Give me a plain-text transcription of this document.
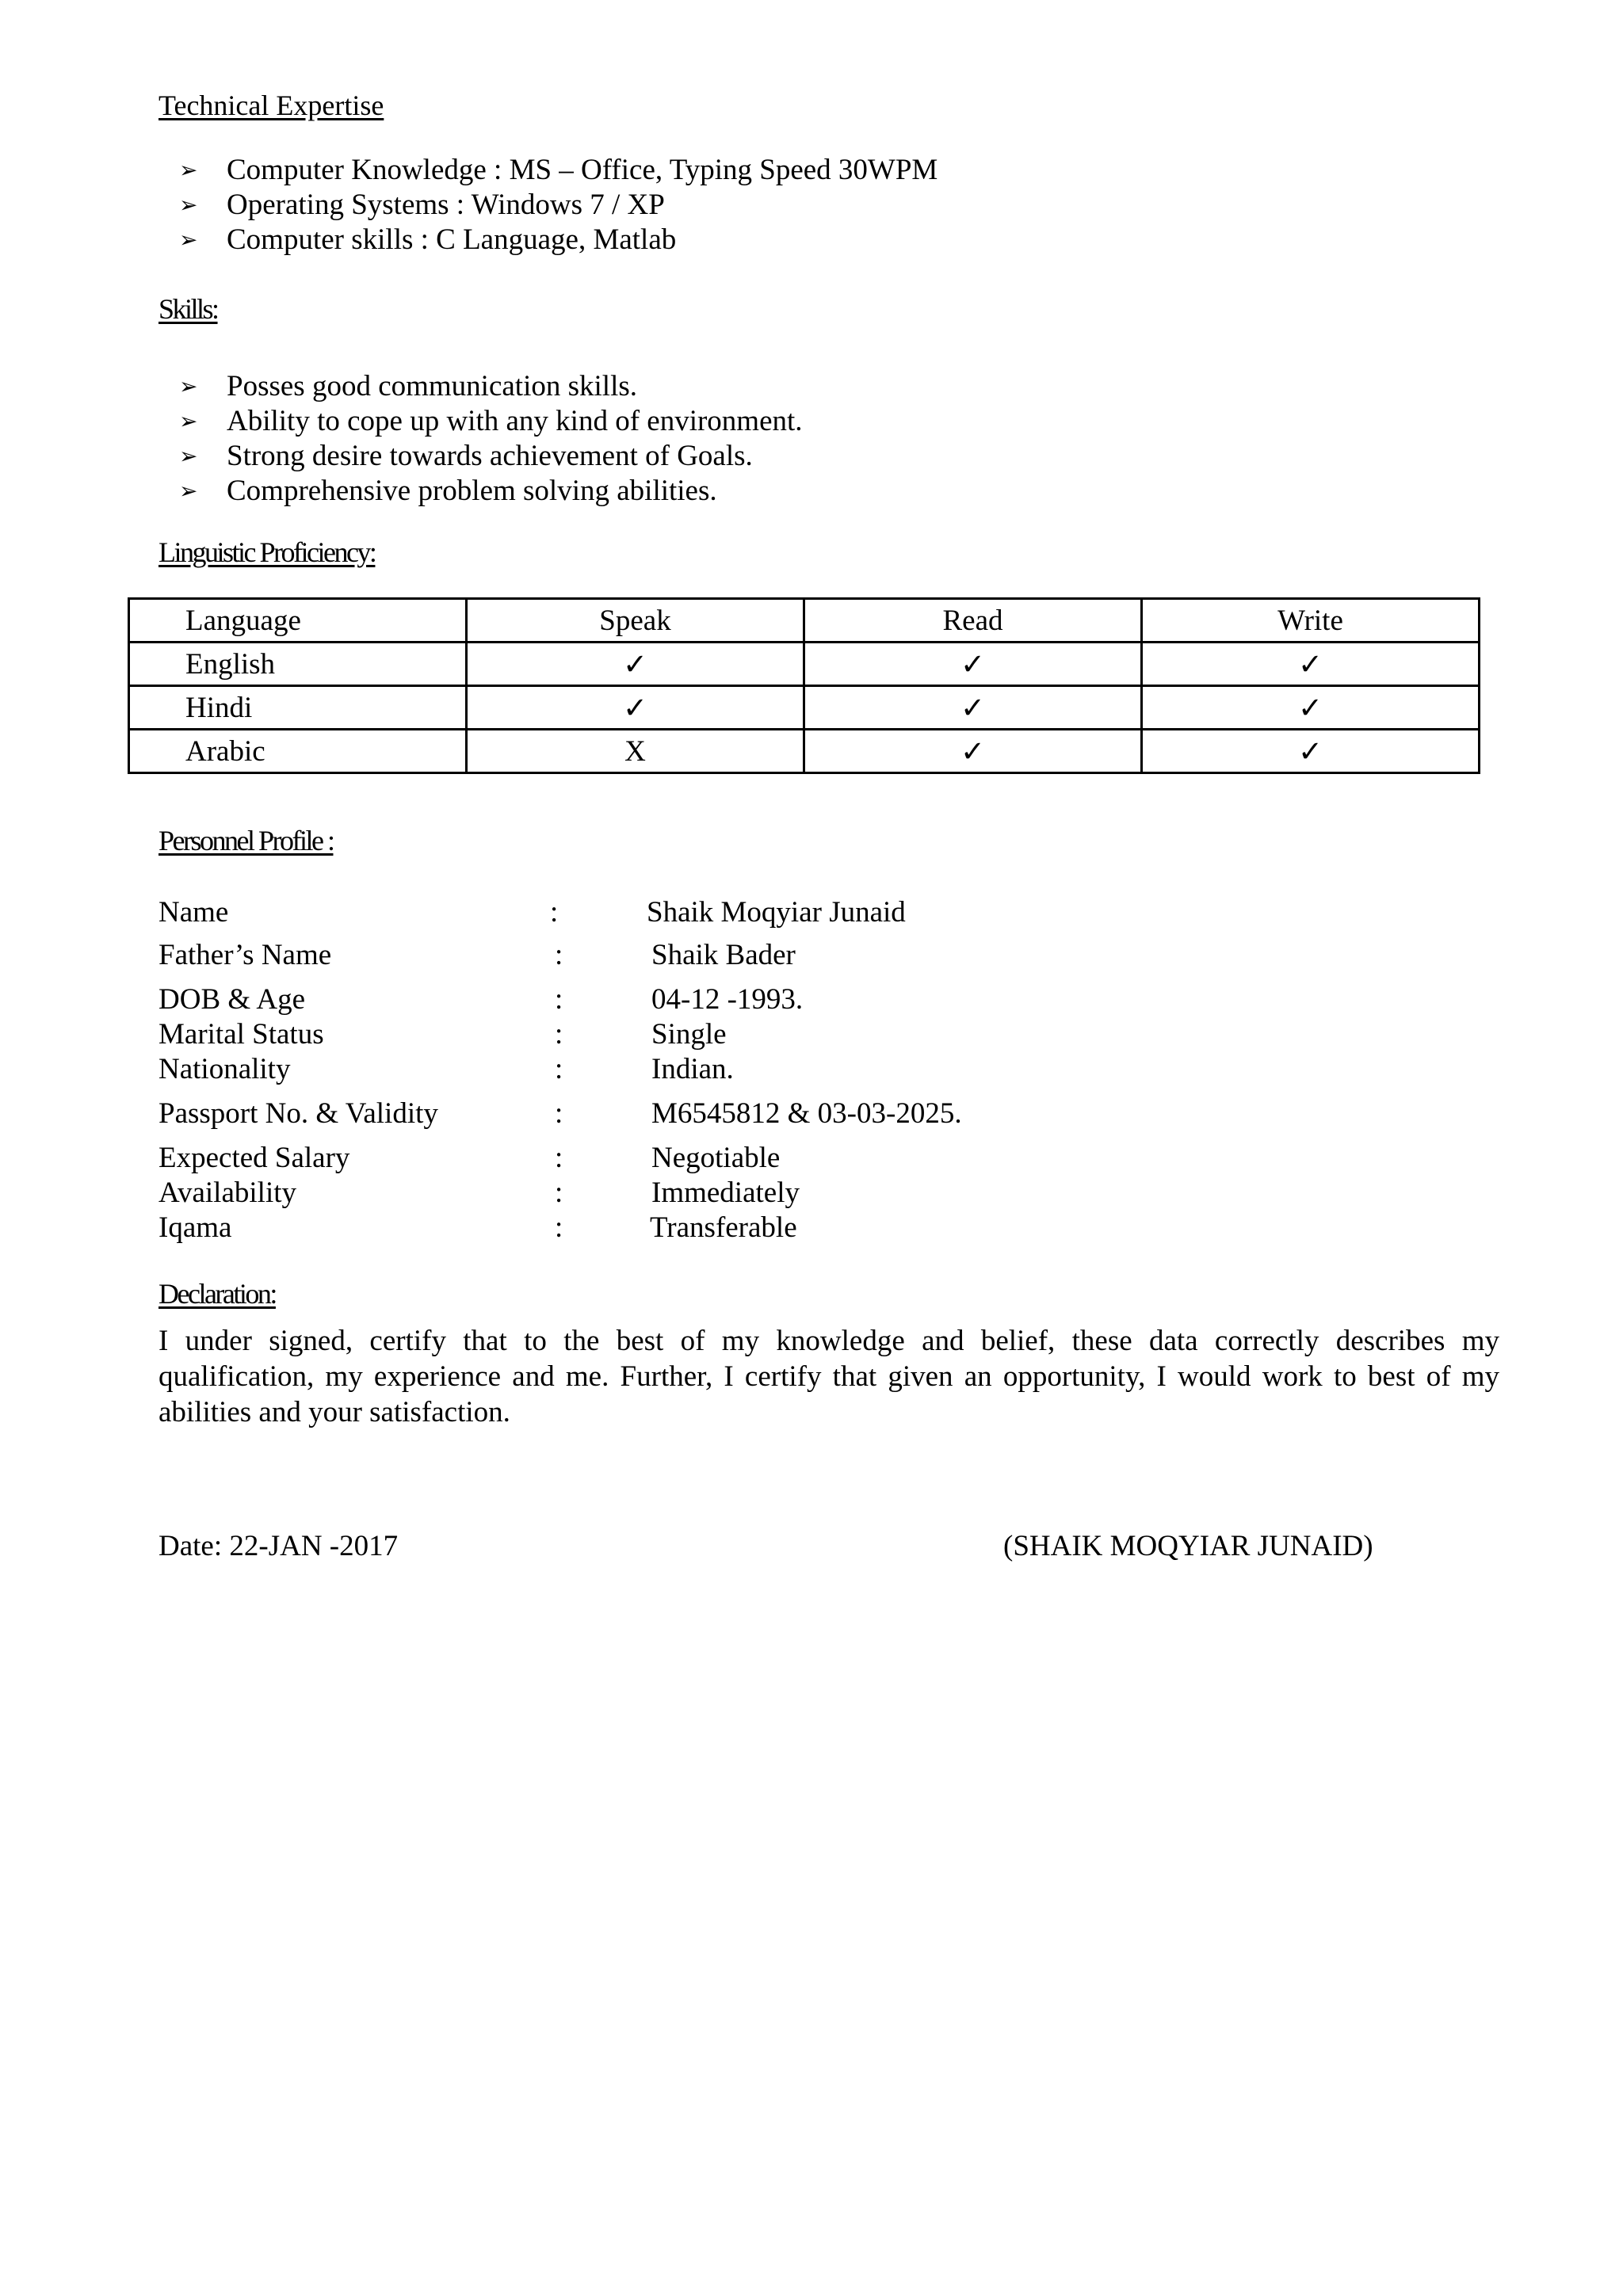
Technical Expertise
➢ Computer Knowledge : MS – Office, Typing Speed 30WPM
➢ Operating Systems : Windows 7 / XP
➢ Computer skills : C Language, Matlab
Skills:
➢ Posses good communication skills.
➢ Ability to cope up with any kind of environment.
➢ Strong desire towards achievement of Goals.
➢ Comprehensive problem solving abilities.
Linguistic Proficiency:
Language	Speak	Read	Write
English	✓	✓	✓
Hindi	✓	✓	✓
Arabic	X	✓	✓
Personnel Profile :
Name	:	Shaik Moqyiar Junaid
Father’s Name	:	Shaik Bader
DOB & Age	:	04-12 -1993.
Marital Status	:	Single
Nationality	:	Indian.
Passport No. & Validity	:	M6545812 & 03-03-2025.
Expected Salary	:	Negotiable
Availability	:	Immediately
Iqama	:	Transferable
Declaration:
I under signed, certify that to the best of my knowledge and belief, these data correctly describes my qualification, my experience and me. Further, I certify that given an opportunity, I would work to best of my abilities and your satisfaction.
Date: 22-JAN -2017	(SHAIK MOQYIAR JUNAID)
